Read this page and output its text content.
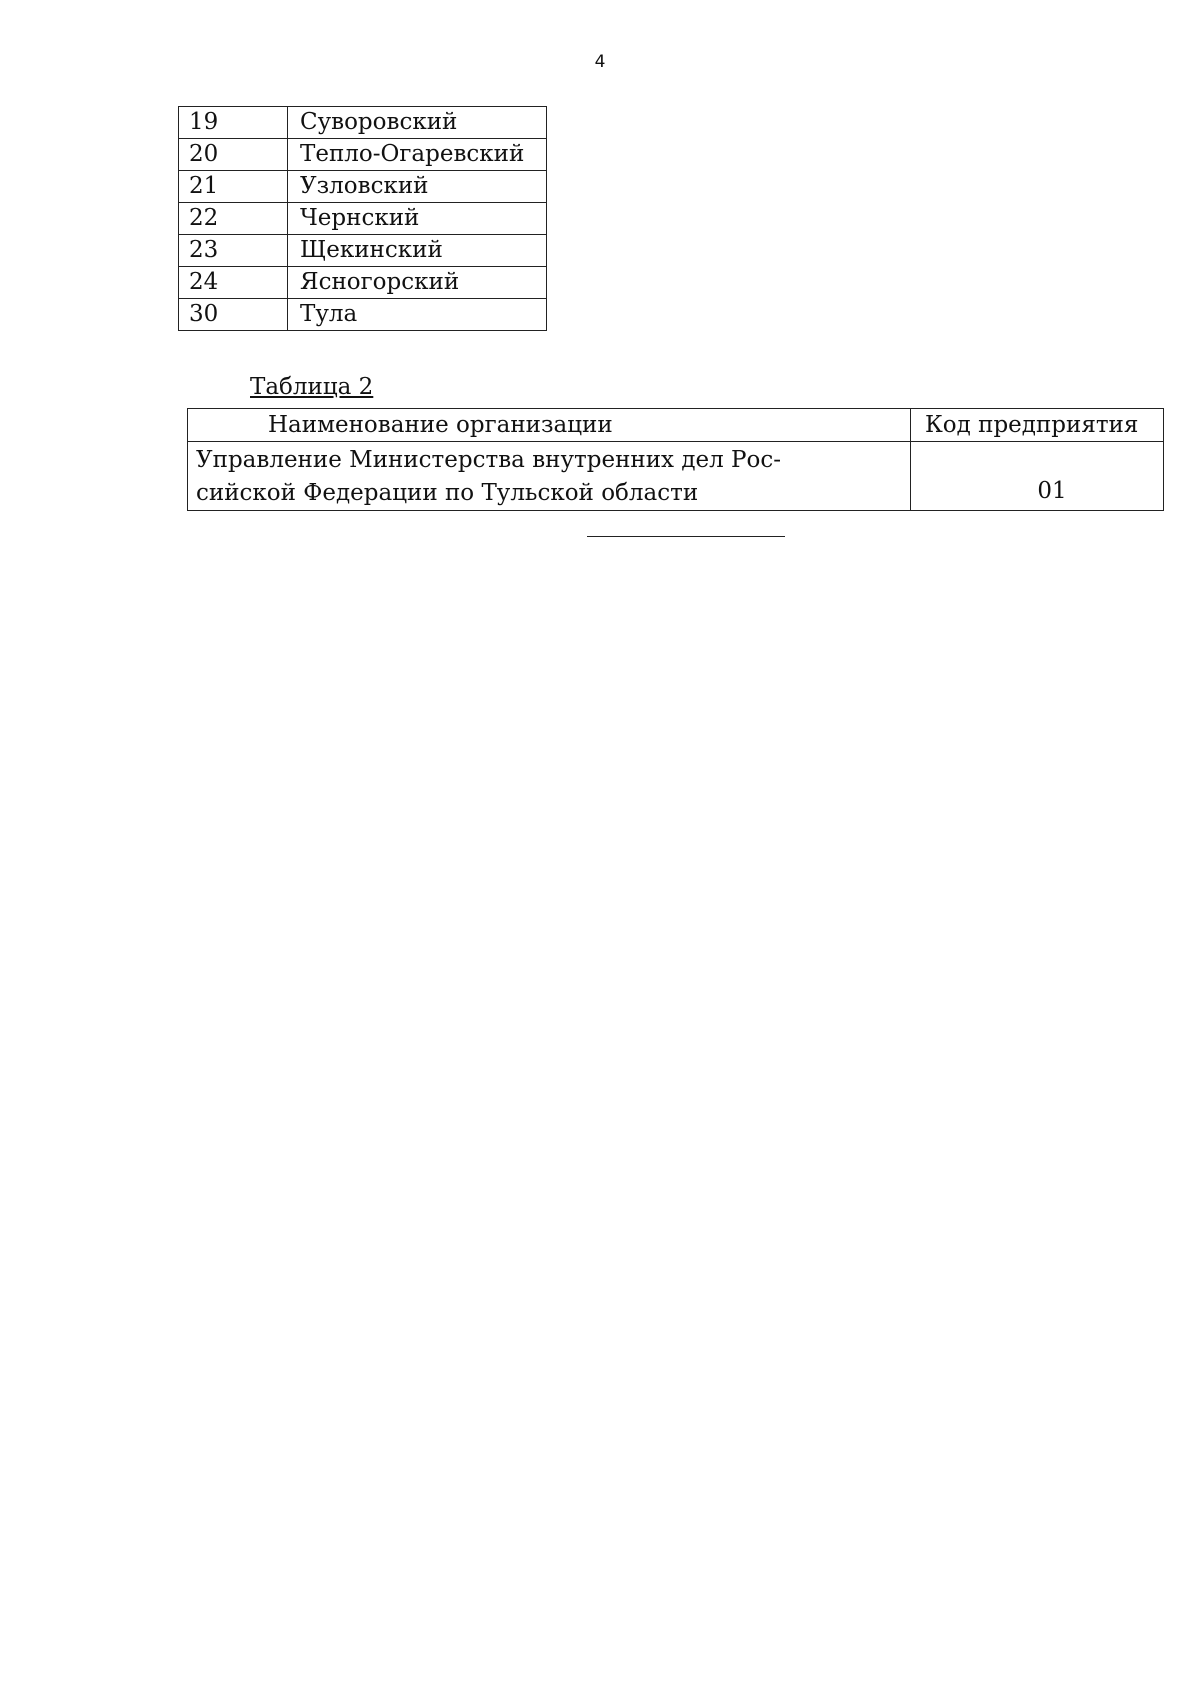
4
19	Суворовский
20	Тепло-Огаревский
21	Узловский
22	Чернский
23	Щекинский
24	Ясногорский
30	Тула
Таблица 2
Наименование организации	Код предприятия

Управление Министерства внутренних дел Рос-
сийской Федерации по Тульской области	01
